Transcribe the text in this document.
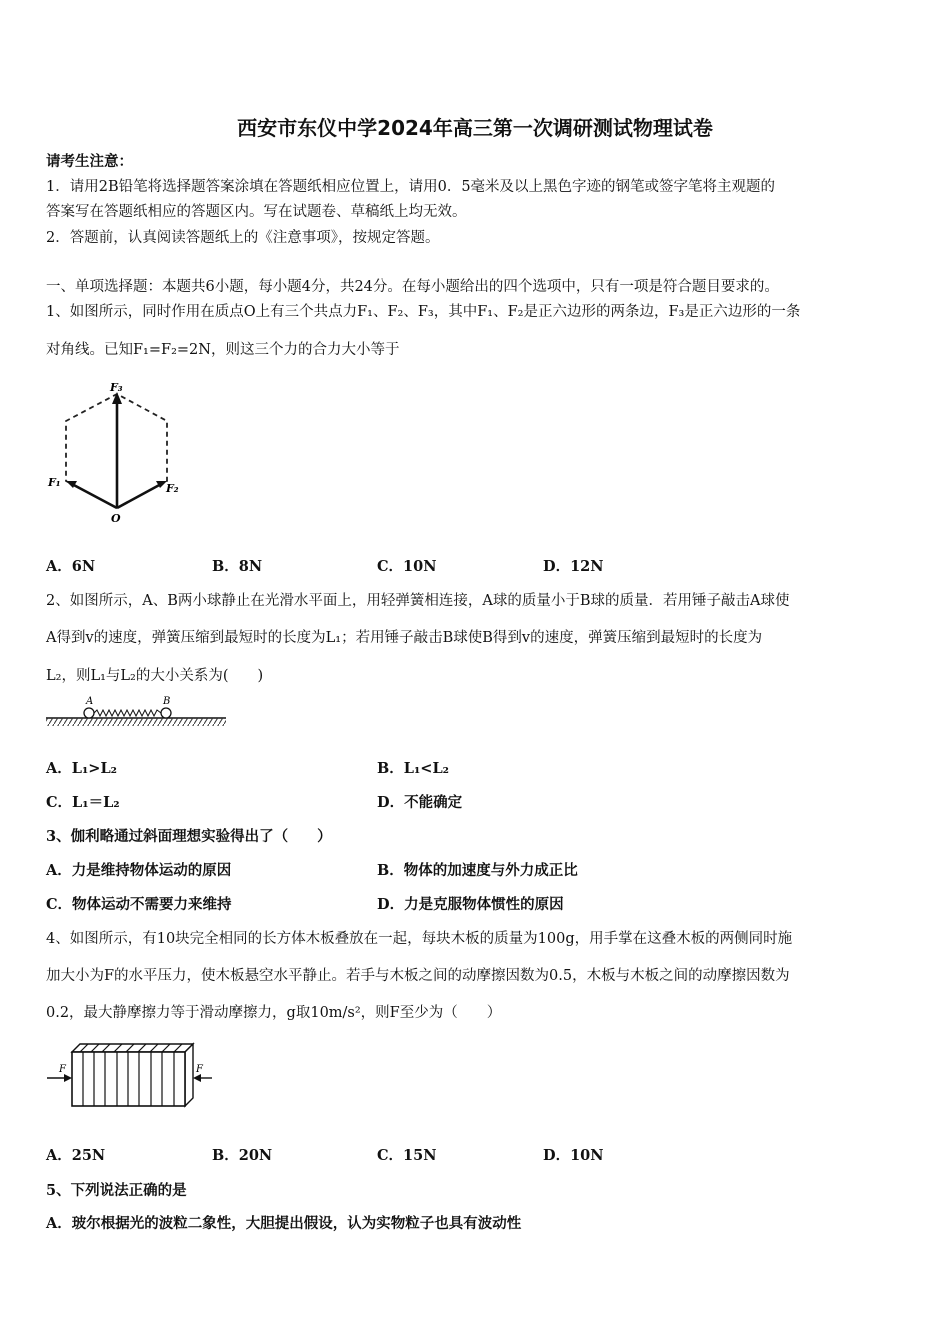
西安市东仪中学2024年高三第一次调研测试物理试卷
请考生注意：
1．请用2B铅笔将选择题答案涂填在答题纸相应位置上，请用0．5毫米及以上黑色字迹的钢笔或签字笔将主观题的
答案写在答题纸相应的答题区内。写在试题卷、草稿纸上均无效。
2．答题前，认真阅读答题纸上的《注意事项》，按规定答题。
一、单项选择题：本题共6小题，每小题4分，共24分。在每小题给出的四个选项中，只有一项是符合题目要求的。
1、如图所示，同时作用在质点O上有三个共点力F₁、F₂、F₃，其中F₁、F₂是正六边形的两条边，F₃是正六边形的一条
对角线。已知F₁=F₂=2N，则这三个力的合力大小等于
F₃
F₁	F₂
O
A．6N	B．8N	C．10N	D．12N
2、如图所示，A、B两小球静止在光滑水平面上，用轻弹簧相连接，A球的质量小于B球的质量．若用锤子敲击A球使
A得到v的速度，弹簧压缩到最短时的长度为L₁；若用锤子敲击B球使B得到v的速度，弹簧压缩到最短时的长度为
L₂，则L₁与L₂的大小关系为(　　)
A	B
A．L₁>L₂	B．L₁<L₂
C．L₁＝L₂	D．不能确定
3、伽利略通过斜面理想实验得出了（　　）
A．力是维持物体运动的原因	B．物体的加速度与外力成正比
C．物体运动不需要力来维持	D．力是克服物体惯性的原因
4、如图所示，有10块完全相同的长方体木板叠放在一起，每块木板的质量为100g，用手掌在这叠木板的两侧同时施
加大小为F的水平压力，使木板悬空水平静止。若手与木板之间的动摩擦因数为0.5，木板与木板之间的动摩擦因数为
0.2，最大静摩擦力等于滑动摩擦力，g取10m/s²，则F至少为（　　）
F	F
A．25N	B．20N	C．15N	D．10N
5、下列说法正确的是
A．玻尔根据光的波粒二象性，大胆提出假设，认为实物粒子也具有波动性
